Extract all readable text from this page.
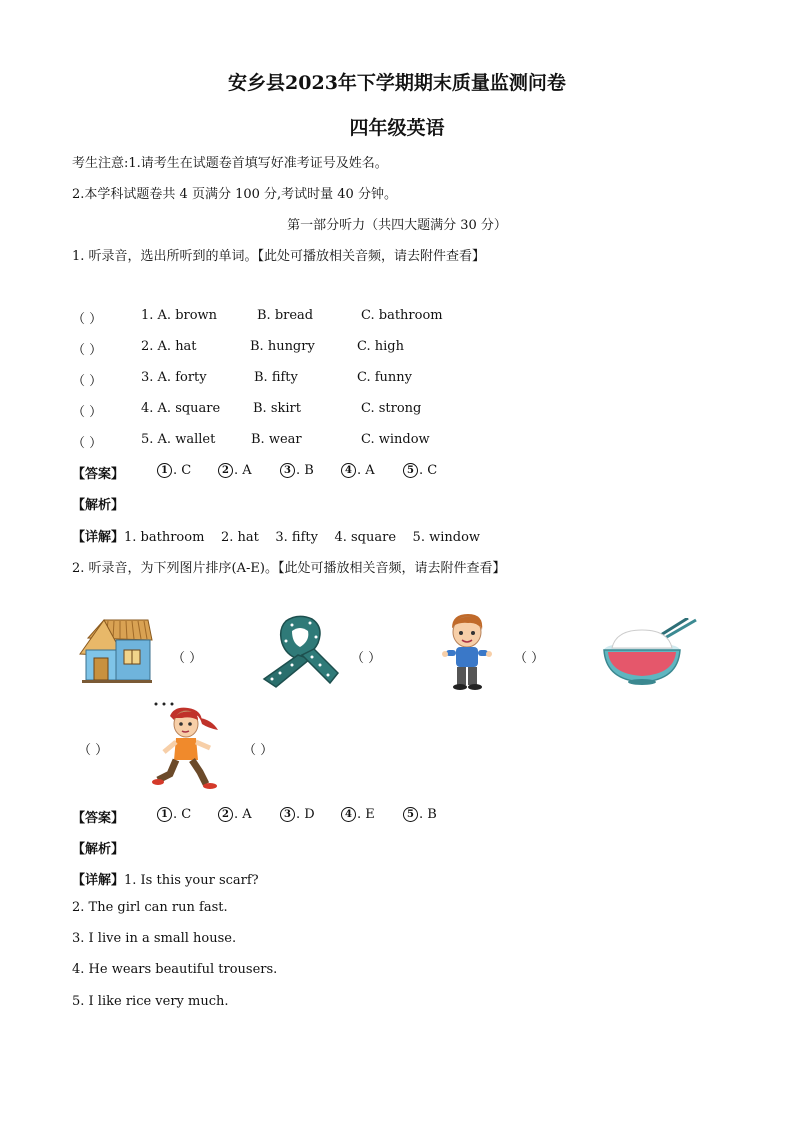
安乡县2023年下学期期末质量监测问卷
四年级英语
考生注意:1.请考生在试题卷首填写好准考证号及姓名。
2.本学科试题卷共 4 页满分 100 分,考试时量 40 分钟。
第一部分听力（共四大题满分 30 分）
1. 听录音，选出所听到的单词。【此处可播放相关音频，请去附件查看】
（ ）	1. A. brown	B. bread	C. bathroom
（ ）	2. A. hat	B. hungry	C. high
（ ）	3. A. forty	B. fifty	C. funny
（ ）	4. A. square	B. skirt	C. strong
（ ）	5. A. wallet	B. wear	C. window
【答案】	1 . C	2 . A	3 . B	4 . A	5 . C
【解析】
【详解】1. bathroom    2. hat    3. fifty    4. square    5. window
2. 听录音，为下列图片排序(A-E)。【此处可播放相关音频，请去附件查看】
（ ）	（ ）	（ ）
（ ）	（ ）
【答案】	1 . C	2 . A	3 . D	4 . E	5 . B
【解析】
【详解】1. Is this your scarf?
2. The girl can run fast.
3. I live in a small house.
4. He wears beautiful trousers.
5. I like rice very much.
